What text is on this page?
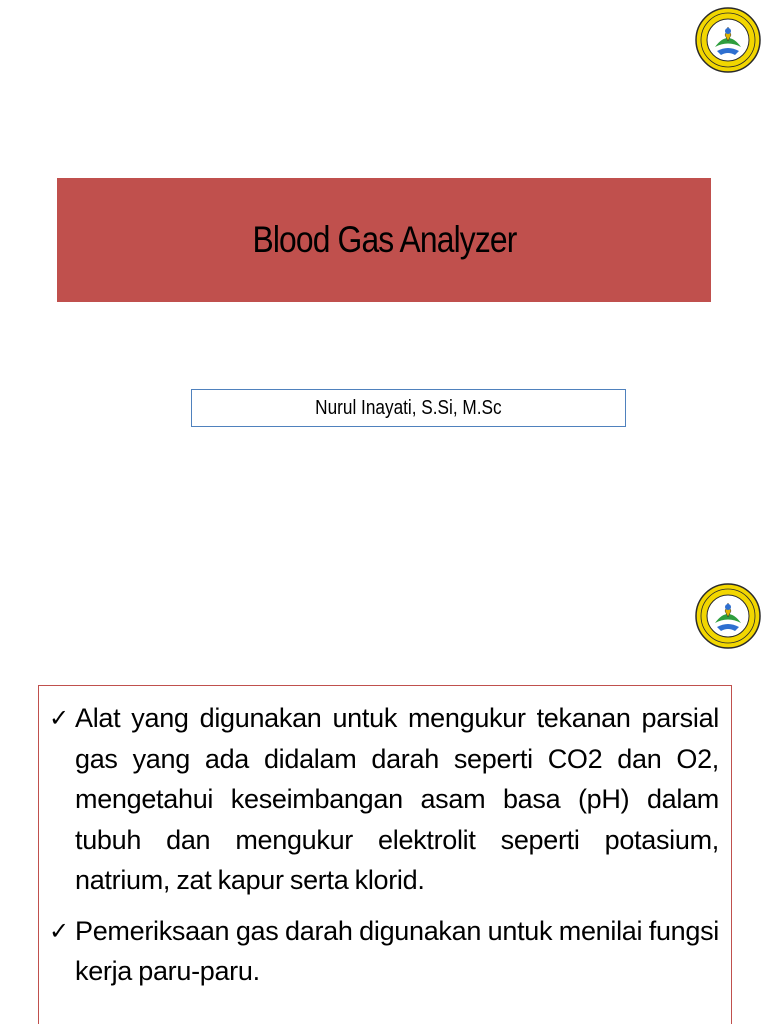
Blood Gas Analyzer
Nurul Inayati, S.Si, M.Sc
✓ Alat yang digunakan untuk mengukur tekanan parsial gas yang ada didalam darah seperti CO2 dan O2, mengetahui keseimbangan asam basa (pH) dalam tubuh dan mengukur elektrolit seperti potasium, natrium, zat kapur serta klorid.
✓ Pemeriksaan gas darah digunakan untuk menilai fungsi kerja paru-paru.
